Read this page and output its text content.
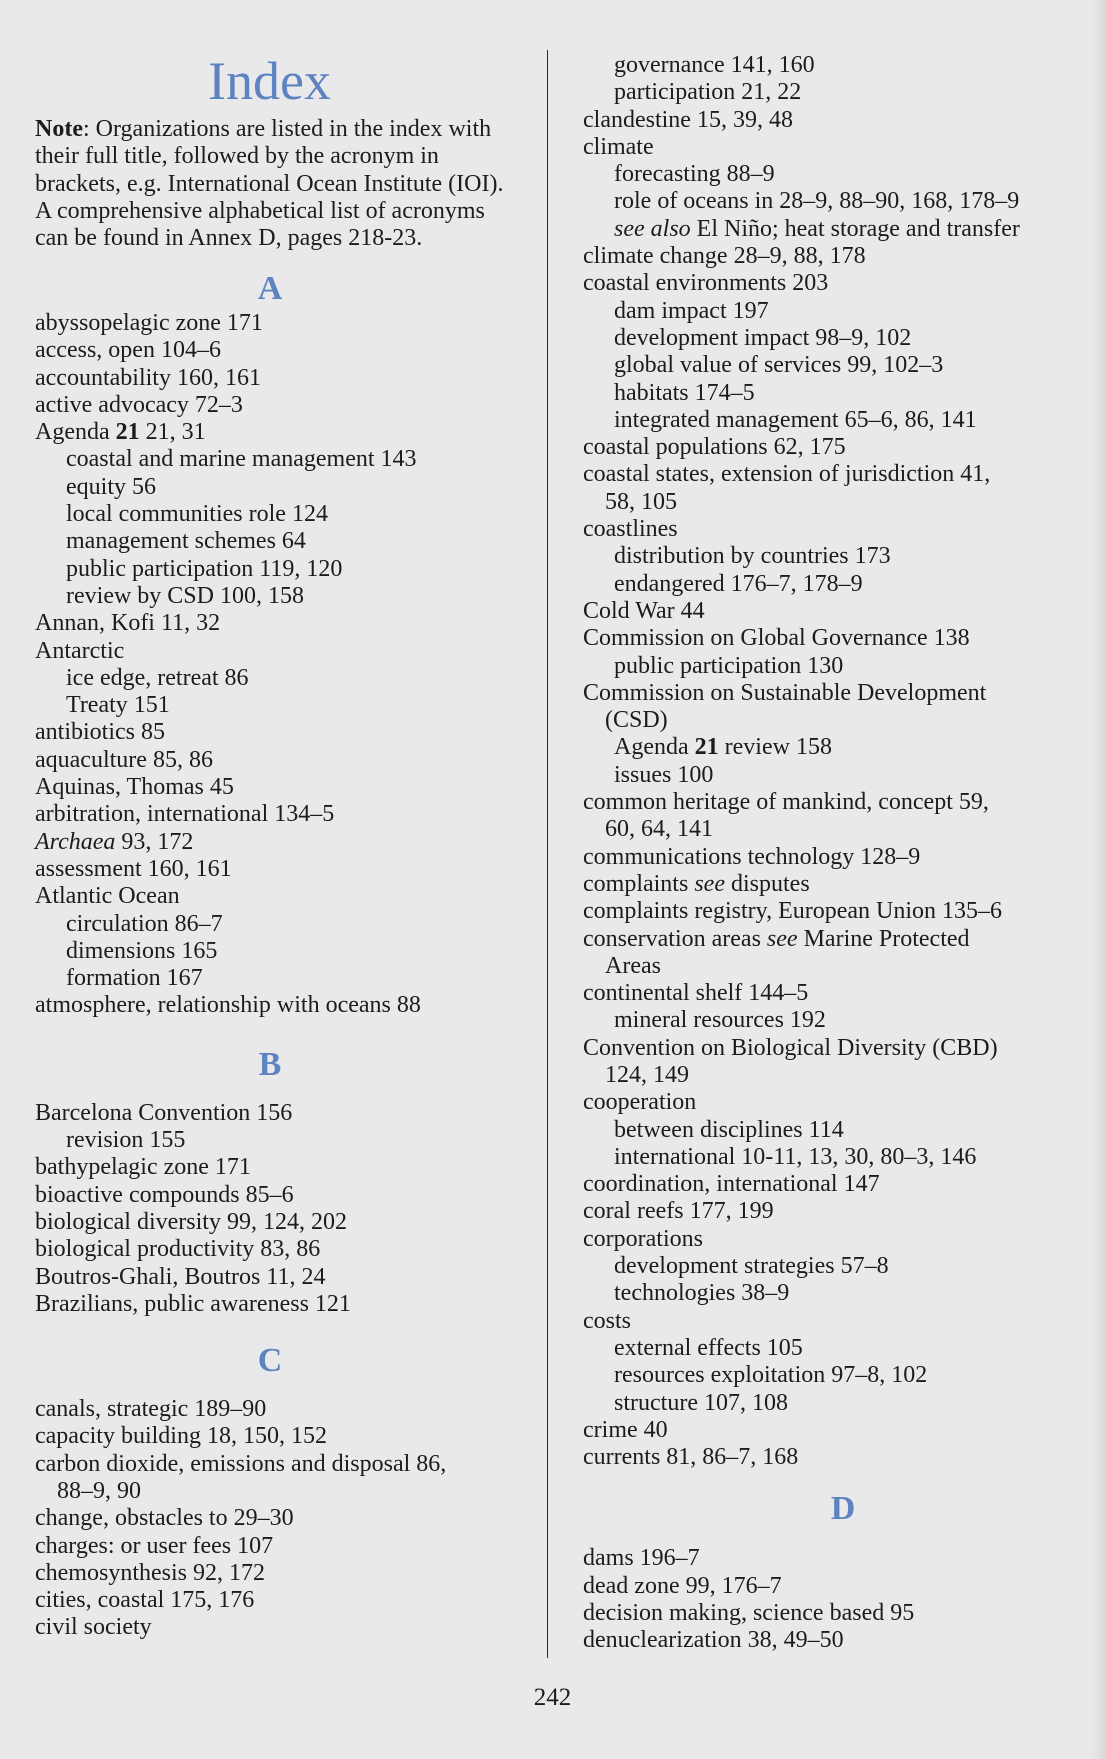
Index
Note: Organizations are listed in the index with their full title, followed by the acronym in brackets, e.g. International Ocean Institute (IOI). A comprehensive alphabetical list of acronyms can be found in Annex D, pages 218-23.
A
abyssopelagic zone 171
access, open 104–6
accountability 160, 161
active advocacy 72–3
Agenda 21 21, 31
coastal and marine management 143
equity 56
local communities role 124
management schemes 64
public participation 119, 120
review by CSD 100, 158
Annan, Kofi 11, 32
Antarctic
ice edge, retreat 86
Treaty 151
antibiotics 85
aquaculture 85, 86
Aquinas, Thomas 45
arbitration, international 134–5
Archaea 93, 172
assessment 160, 161
Atlantic Ocean
circulation 86–7
dimensions 165
formation 167
atmosphere, relationship with oceans 88
B
Barcelona Convention 156
revision 155
bathypelagic zone 171
bioactive compounds 85–6
biological diversity 99, 124, 202
biological productivity 83, 86
Boutros-Ghali, Boutros 11, 24
Brazilians, public awareness 121
C
canals, strategic 189–90
capacity building 18, 150, 152
carbon dioxide, emissions and disposal 86,
88–9, 90
change, obstacles to 29–30
charges: or user fees 107
chemosynthesis 92, 172
cities, coastal 175, 176
civil society
governance 141, 160
participation 21, 22
clandestine 15, 39, 48
climate
forecasting 88–9
role of oceans in 28–9, 88–90, 168, 178–9
see also El Niño; heat storage and transfer
climate change 28–9, 88, 178
coastal environments 203
dam impact 197
development impact 98–9, 102
global value of services 99, 102–3
habitats 174–5
integrated management 65–6, 86, 141
coastal populations 62, 175
coastal states, extension of jurisdiction 41,
58, 105
coastlines
distribution by countries 173
endangered 176–7, 178–9
Cold War 44
Commission on Global Governance 138
public participation 130
Commission on Sustainable Development
(CSD)
Agenda 21 review 158
issues 100
common heritage of mankind, concept 59,
60, 64, 141
communications technology 128–9
complaints see disputes
complaints registry, European Union 135–6
conservation areas see Marine Protected
Areas
continental shelf 144–5
mineral resources 192
Convention on Biological Diversity (CBD)
124, 149
cooperation
between disciplines 114
international 10-11, 13, 30, 80–3, 146
coordination, international 147
coral reefs 177, 199
corporations
development strategies 57–8
technologies 38–9
costs
external effects 105
resources exploitation 97–8, 102
structure 107, 108
crime 40
currents 81, 86–7, 168
D
dams 196–7
dead zone 99, 176–7
decision making, science based 95
denuclearization 38, 49–50
242
